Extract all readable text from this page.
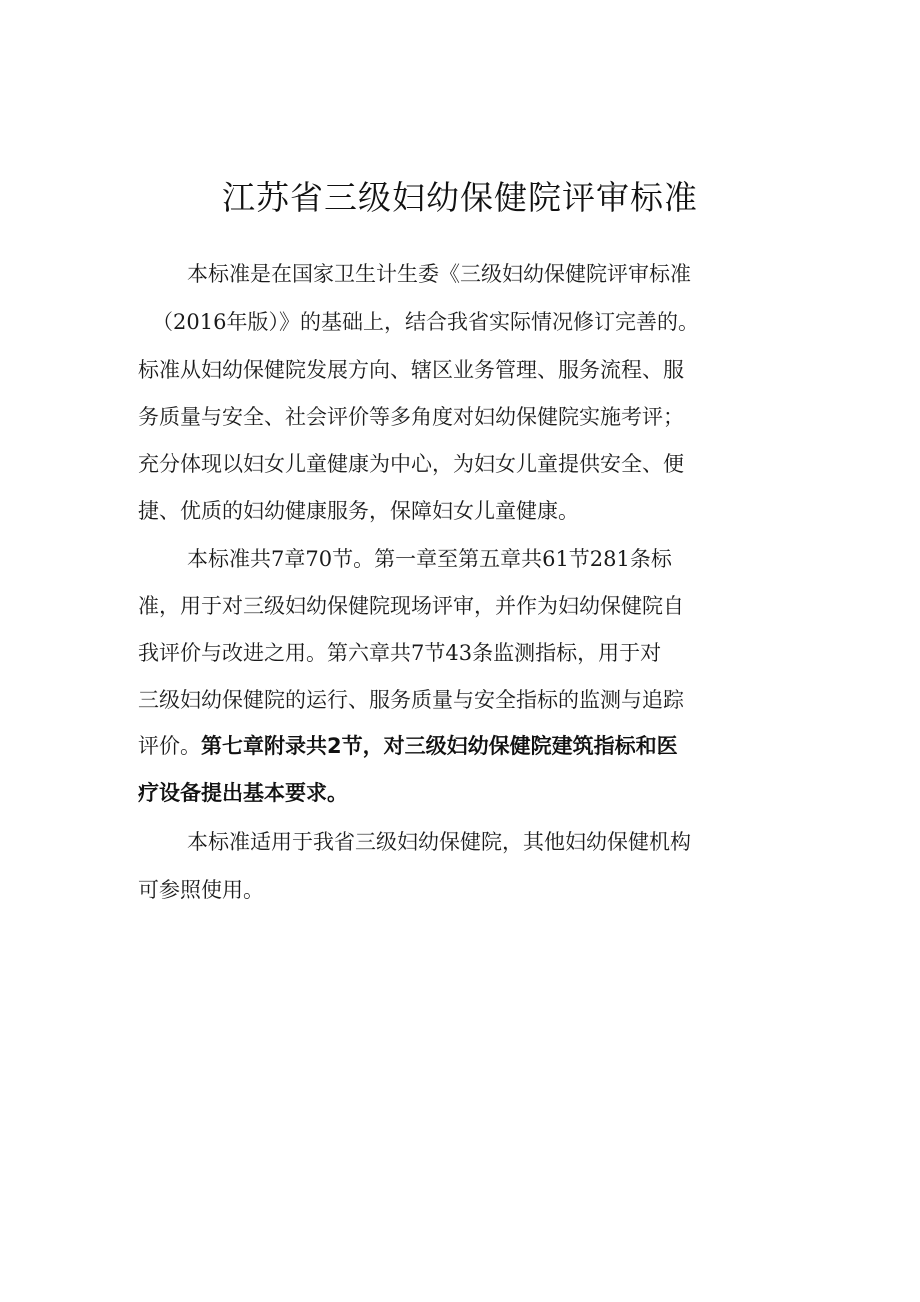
江苏省三级妇幼保健院评审标准
本标准是在国家卫生计生委《三级妇幼保健院评审标准
（2016年版）》的基础上，结合我省实际情况修订完善的。
标准从妇幼保健院发展方向、辖区业务管理、服务流程、服
务质量与安全、社会评价等多角度对妇幼保健院实施考评；
充分体现以妇女儿童健康为中心，为妇女儿童提供安全、便
捷、优质的妇幼健康服务，保障妇女儿童健康。
本标准共7章70节。第一章至第五章共61节281条标
准，用于对三级妇幼保健院现场评审，并作为妇幼保健院自
我评价与改进之用。第六章共7节43条监测指标，用于对
三级妇幼保健院的运行、服务质量与安全指标的监测与追踪
评价。第七章附录共2节，对三级妇幼保健院建筑指标和医
疗设备提出基本要求。
本标准适用于我省三级妇幼保健院，其他妇幼保健机构
可参照使用。
